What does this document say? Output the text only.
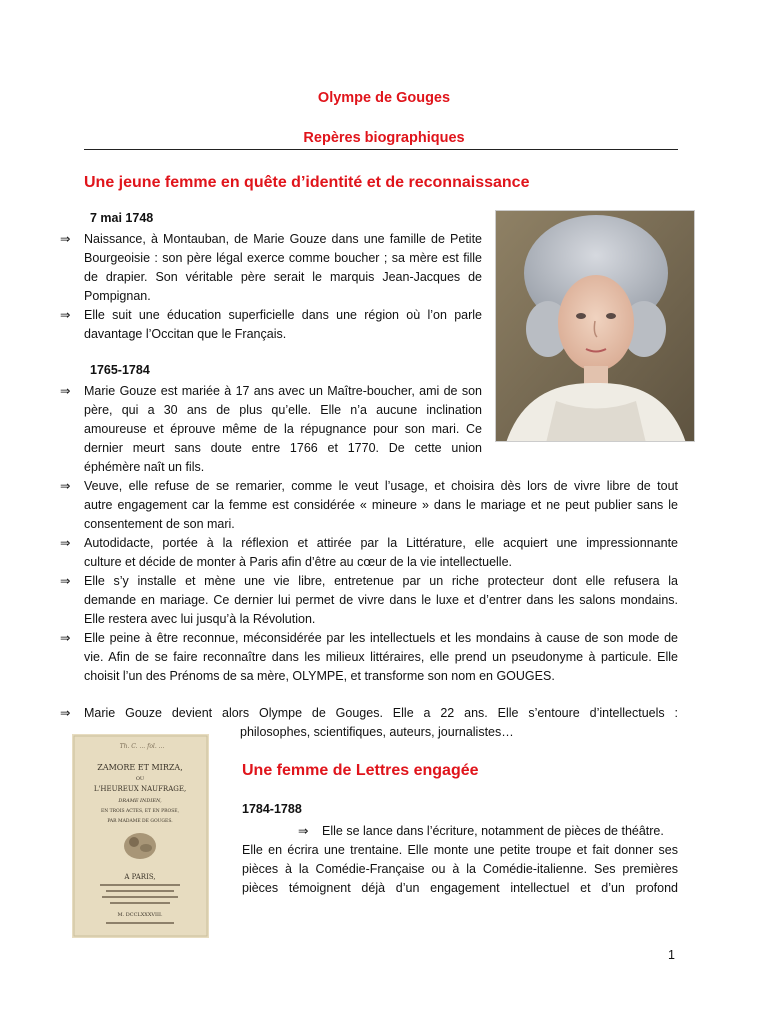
Olympe de Gouges
Repères biographiques
Une jeune femme en quête d’identité et de reconnaissance
7 mai 1748
⇒	Naissance, à Montauban, de Marie Gouze dans une famille de Petite
Bourgeoisie : son père légal exerce comme boucher ; sa mère est fille
de drapier. Son véritable père serait le marquis Jean-Jacques de
Pompignan.
⇒	Elle suit une éducation superficielle dans une région où l’on parle
davantage l’Occitan que le Français.
1765-1784
⇒	Marie Gouze est mariée à 17 ans avec un Maître-boucher, ami de son
père, qui a 30 ans de plus qu’elle. Elle n’a aucune inclination
amoureuse et éprouve même de la répugnance pour son mari. Ce
dernier meurt sans doute entre 1766 et 1770. De cette union
éphémère naît un fils.
⇒	Veuve, elle refuse de se remarier, comme le veut l’usage, et choisira dès lors de vivre libre de tout
autre engagement car la femme est considérée « mineure » dans le mariage et ne peut publier sans le
consentement de son mari.
⇒	Autodidacte, portée à la réflexion et attirée par la Littérature, elle acquiert une impressionnante
culture et décide de monter à Paris afin d’être au cœur de la vie intellectuelle.
⇒	Elle s’y installe et mène une vie libre, entretenue par un riche protecteur dont elle refusera la
demande en mariage. Ce dernier lui permet de vivre dans le luxe et d’entrer dans les salons mondains.
Elle restera avec lui jusqu’à la Révolution.
⇒	Elle peine à être reconnue, méconsidérée par les intellectuels et les mondains à cause de son mode de
vie. Afin de se faire reconnaître dans les milieux littéraires, elle prend un pseudonyme à particule. Elle
choisit l’un des Prénoms de sa mère, OLYMPE, et transforme son nom en GOUGES.
⇒	Marie Gouze devient alors Olympe de Gouges. Elle a 22 ans. Elle s’entoure d’intellectuels :
philosophes, scientifiques, auteurs, journalistes…
Th. C. ... fol. ...
ZAMORE ET MIRZA,
OU
L'HEUREUX NAUFRAGE,
DRAME INDIEN,
EN TROIS ACTES, ET EN PROSE,
PAR MADAME DE GOUGES.
A PARIS,
M. DCCLXXXVIII.
Une femme de Lettres engagée
1784-1788
⇒	Elle se lance dans l’écriture, notamment de pièces de théâtre.
Elle en écrira une trentaine. Elle monte une petite troupe et fait donner ses
pièces à la Comédie-Française ou à la Comédie-italienne. Ses premières
pièces témoignent déjà d’un engagement intellectuel et d’un profond
1
